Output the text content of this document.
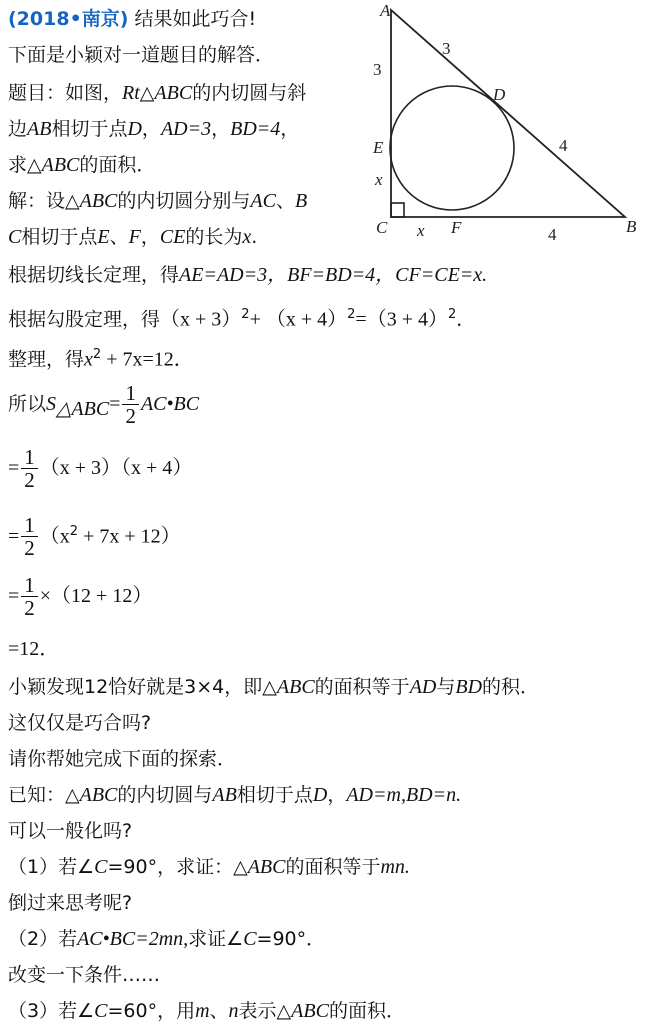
(2018•南京) 结果如此巧合!
下面是小颖对一道题目的解答．
题目：如图，Rt△ABC的内切圆与斜
边AB相切于点D，AD=3，BD=4，
求△ABC的面积．
解：设△ABC的内切圆分别与AC、B
C相切于点E、F，CE的长为x.
根据切线长定理，得AE=AD=3，BF=BD=4，CF=CE=x.
根据勾股定理，得$(x + 3)^2+ (x + 4)^2=(3 + 4)^2$．
整理，得$x^2 + 7x=12$．
所以$S_{\triangle ABC}= \frac{1}{2}$ AC•BC
= $\frac{1}{2} (x + 3)(x + 4)$
= $\frac{1}{2} (x^2 + 7x + 12)$
= $\frac{1}{2} \times(12 + 12)$
=12．
小颖发现12恰好就是3×4，即△ABC的面积等于AD与BD的积．
这仅仅是巧合吗?
请你帮她完成下面的探索．
已知：△ABC的内切圆与AB相切于点D，AD=m,BD=n.
可以一般化吗?
（1）若∠C=90°，求证：△ABC的面积等于mn.
倒过来思考呢?
（2）若AC•BC=2mn,求证∠C=90°．
改变一下条件……
（3）若∠C=60°，用m、n表示△ABC的面积．
A
B
C
D
E
F
3
3
4
x
x	4
